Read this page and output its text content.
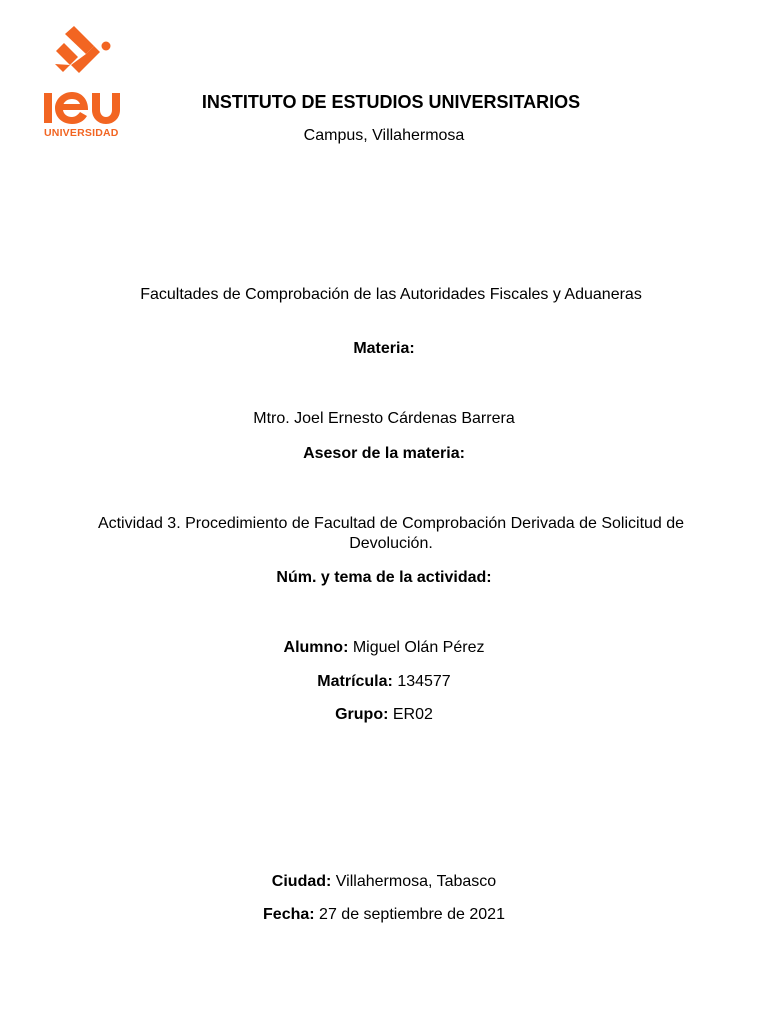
UNIVERSIDAD
INSTITUTO DE ESTUDIOS UNIVERSITARIOS
Campus, Villahermosa
Facultades de Comprobación de las Autoridades Fiscales y Aduaneras
Materia:
Mtro. Joel Ernesto Cárdenas Barrera
Asesor de la materia:
Actividad 3. Procedimiento de Facultad de Comprobación Derivada de Solicitud de Devolución.
Núm. y tema de la actividad:
Alumno: Miguel Olán Pérez
Matrícula: 134577
Grupo: ER02
Ciudad: Villahermosa, Tabasco
Fecha: 27 de septiembre de 2021
